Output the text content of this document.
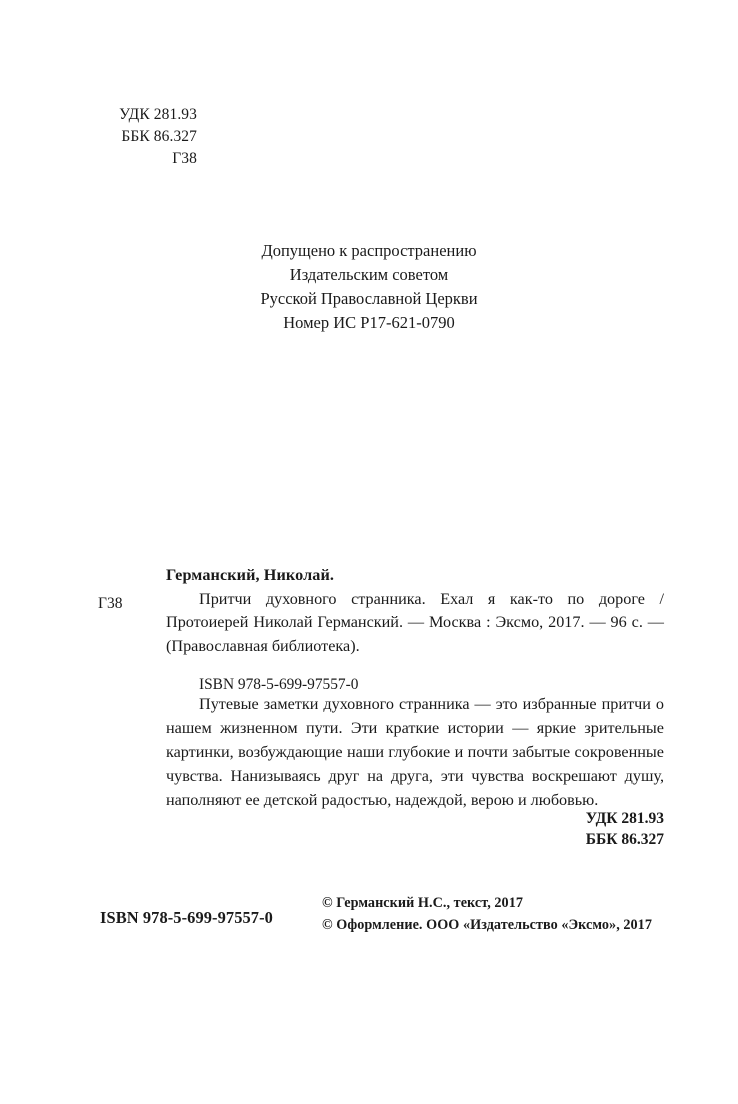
УДК 281.93
ББК 86.327
Г38
Допущено к распространению
Издательским советом
Русской Православной Церкви
Номер ИС Р17-621-0790
Г38
Германский, Николай.
Притчи духовного странника. Ехал я как-то по дороге / Протоиерей Николай Германский. — Москва : Эксмо, 2017. — 96 с. — (Православная библиотека).
ISBN 978-5-699-97557-0
Путевые заметки духовного странника — это избранные притчи о нашем жизненном пути. Эти краткие истории — яркие зрительные картинки, возбуждающие наши глубокие и почти забытые сокровенные чувства. Нанизываясь друг на друга, эти чувства воскрешают душу, наполняют ее детской радостью, надеждой, верою и любовью.
УДК 281.93
ББК 86.327
ISBN 978-5-699-97557-0
© Германский Н.С., текст, 2017
© Оформление. ООО «Издательство «Эксмо», 2017
